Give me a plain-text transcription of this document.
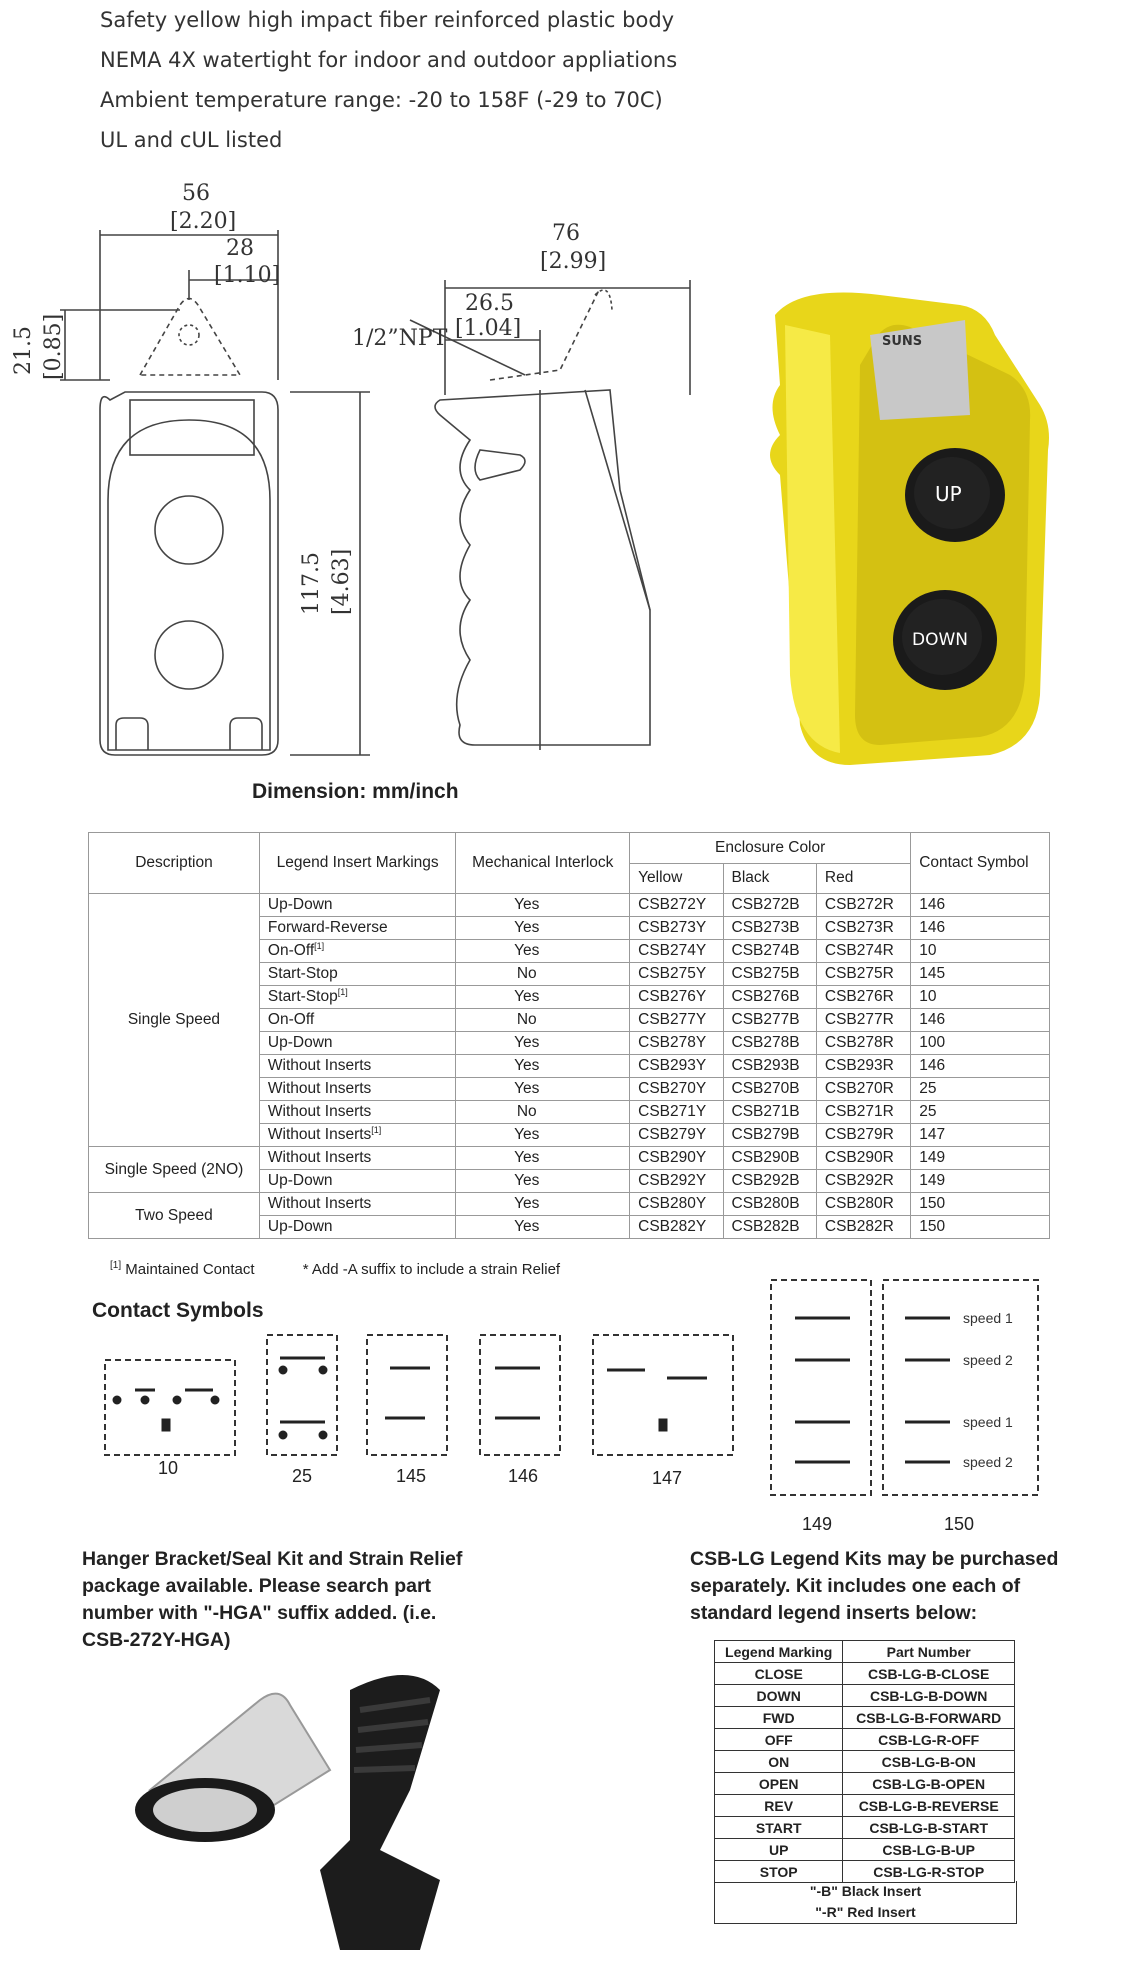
Safety yellow high impact fiber reinforced plastic body
NEMA 4X watertight for indoor and outdoor appliations
Ambient temperature range: -20 to 158F (-29 to 70C)
UL and cUL listed
56
[2.20]
28
[1.10]
21.5 [0.85]
117.5 [4.63]
76
[2.99]
26.5
[1.04]
1/2”NPT
Dimension: mm/inch
SUNS
UP
DOWN
Description	Legend Insert Markings	Mechanical Interlock	Enclosure Color			Contact Symbol
			Yellow	Black	Red	
Single Speed	Up-Down	Yes	CSB272Y	CSB272B	CSB272R	146
	Forward-Reverse	Yes	CSB273Y	CSB273B	CSB273R	146
	On-Off[1]	Yes	CSB274Y	CSB274B	CSB274R	10
	Start-Stop	No	CSB275Y	CSB275B	CSB275R	145
	Start-Stop[1]	Yes	CSB276Y	CSB276B	CSB276R	10
	On-Off	No	CSB277Y	CSB277B	CSB277R	146
	Up-Down	Yes	CSB278Y	CSB278B	CSB278R	100
	Without Inserts	Yes	CSB293Y	CSB293B	CSB293R	146
	Without Inserts	Yes	CSB270Y	CSB270B	CSB270R	25
	Without Inserts	No	CSB271Y	CSB271B	CSB271R	25
	Without Inserts[1]	Yes	CSB279Y	CSB279B	CSB279R	147
Single Speed (2NO)	Without Inserts	Yes	CSB290Y	CSB290B	CSB290R	149
	Up-Down	Yes	CSB292Y	CSB292B	CSB292R	149
Two Speed	Without Inserts	Yes	CSB280Y	CSB280B	CSB280R	150
	Up-Down	Yes	CSB282Y	CSB282B	CSB282R	150
[1] Maintained Contact	* Add -A suffix to include a strain Relief
Contact Symbols	speed 1
speed 2
speed 1
speed 2
10	25	145	146	147
149	150
Hanger Bracket/Seal Kit and Strain Relief package available. Please search part number with "-HGA" suffix added. (i.e. CSB-272Y-HGA)
CSB-LG Legend Kits may be purchased separately. Kit includes one each of standard legend inserts below:
Legend Marking	Part Number
CLOSE	CSB-LG-B-CLOSE
DOWN	CSB-LG-B-DOWN
FWD	CSB-LG-B-FORWARD
OFF	CSB-LG-R-OFF
ON	CSB-LG-B-ON
OPEN	CSB-LG-B-OPEN
REV	CSB-LG-B-REVERSE
START	CSB-LG-B-START
UP	CSB-LG-B-UP
STOP	CSB-LG-R-STOP
"-B" Black Insert
"-R" Red Insert
